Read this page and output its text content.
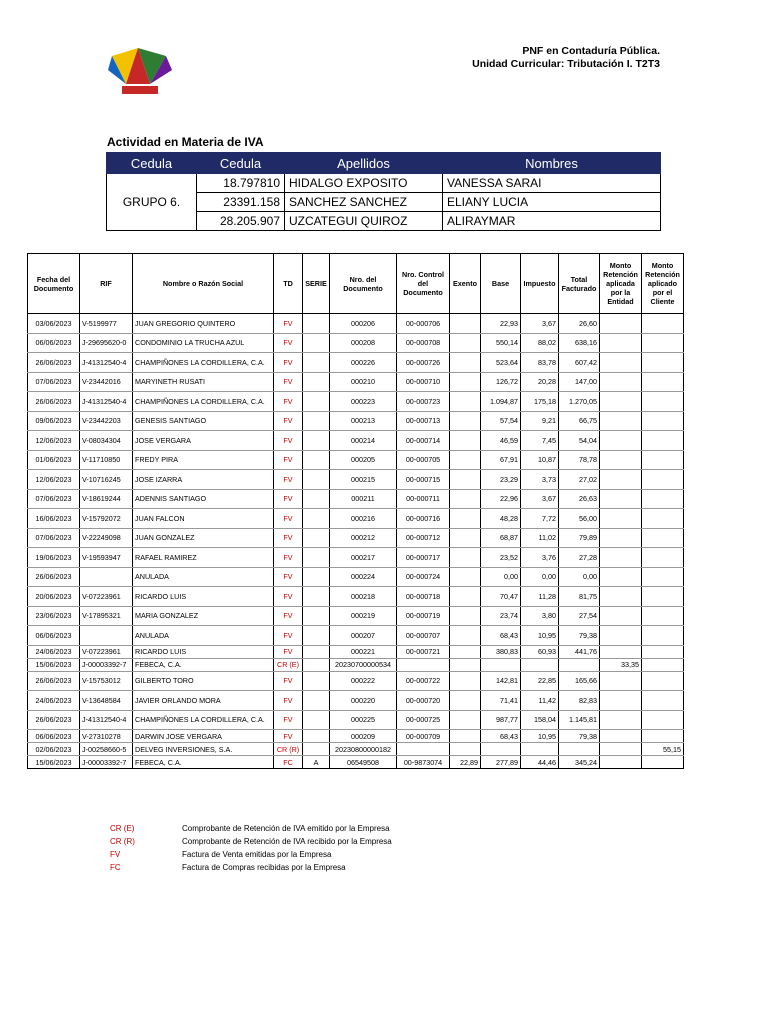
PNF en Contaduría Pública.
Unidad Curricular: Tributación I. T2T3
Actividad en Materia de IVA
Cedula	Cedula	Apellidos	Nombres
GRUPO 6.	18.797810	HIDALGO EXPOSITO	VANESSA SARAI
	23391.158	SANCHEZ SANCHEZ	ELIANY LUCIA
	28.205.907	UZCATEGUI QUIROZ	ALIRAYMAR
Fecha del Documento	RIF	Nombre o Razón Social	TD	SERIE	Nro. del Documento	Nro. Control del Documento	Exento	Base	Impuesto	Total Facturado	Monto Retención aplicada por la Entidad	Monto Retención aplicado por el Cliente
03/06/2023	V-5199977	JUAN GREGORIO QUINTERO	FV		000206	00-000706		22,93	3,67	26,60		
06/06/2023	J-29695620-0	CONDOMINIO LA TRUCHA AZUL	FV		000208	00-000708		550,14	88,02	638,16		
26/06/2023	J-41312540-4	CHAMPIÑONES LA CORDILLERA, C.A.	FV		000226	00-000726		523,64	83,78	607,42		
07/06/2023	V-23442016	MARYINETH RUSATI	FV		000210	00-000710		126,72	20,28	147,00		
26/06/2023	J-41312540-4	CHAMPIÑONES LA CORDILLERA, C.A.	FV		000223	00-000723		1.094,87	175,18	1.270,05		
09/06/2023	V-23442203	GENESIS SANTIAGO	FV		000213	00-000713		57,54	9,21	66,75		
12/06/2023	V-08034304	JOSE VERGARA	FV		000214	00-000714		46,59	7,45	54,04		
01/06/2023	V-11710850	FREDY PIRA	FV		000205	00-000705		67,91	10,87	78,78		
12/06/2023	V-10716245	JOSE IZARRA	FV		000215	00-000715		23,29	3,73	27,02		
07/06/2023	V-18619244	ADENNIS SANTIAGO	FV		000211	00-000711		22,96	3,67	26,63		
16/06/2023	V-15792072	JUAN FALCON	FV		000216	00-000716		48,28	7,72	56,00		
07/06/2023	V-22249098	JUAN GONZALEZ	FV		000212	00-000712		68,87	11,02	79,89		
19/06/2023	V-19593947	RAFAEL RAMIREZ	FV		000217	00-000717		23,52	3,76	27,28		
26/06/2023		ANULADA	FV		000224	00-000724		0,00	0,00	0,00		
20/06/2023	V-07223961	RICARDO LUIS	FV		000218	00-000718		70,47	11,28	81,75		
23/06/2023	V-17895321	MARIA GONZALEZ	FV		000219	00-000719		23,74	3,80	27,54		
06/06/2023		ANULADA	FV		000207	00-000707		68,43	10,95	79,38		
24/06/2023	V-07223961	RICARDO LUIS	FV		000221	00-000721		380,83	60,93	441,76		
15/06/2023	J-00003392-7	FEBECA, C.A.	CR (E)		20230700000534						33,35	
26/06/2023	V-15753012	GILBERTO TORO	FV		000222	00-000722		142,81	22,85	165,66		
24/06/2023	V-13648584	JAVIER ORLANDO MORA	FV		000220	00-000720		71,41	11,42	82,83		
26/06/2023	J-41312540-4	CHAMPIÑONES LA CORDILLERA, C.A.	FV		000225	00-000725		987,77	158,04	1.145,81		
06/06/2023	V-27310278	DARWIN JOSE VERGARA	FV		000209	00-000709		68,43	10,95	79,38		
02/06/2023	J-00258660-5	DELVEG INVERSIONES, S.A.	CR (R)		20230800000182							55,15
15/06/2023	J-00003392-7	FEBECA, C.A.	FC	A	06549508	00-9873074	22,89	277,89	44,46	345,24		
CR (E)	Comprobante de Retención de IVA emitido por la Empresa
CR (R)	Comprobante de Retención de IVA recibido por la Empresa
FV	Factura de Venta emitidas por la Empresa
FC	Factura de Compras recibidas por la Empresa
